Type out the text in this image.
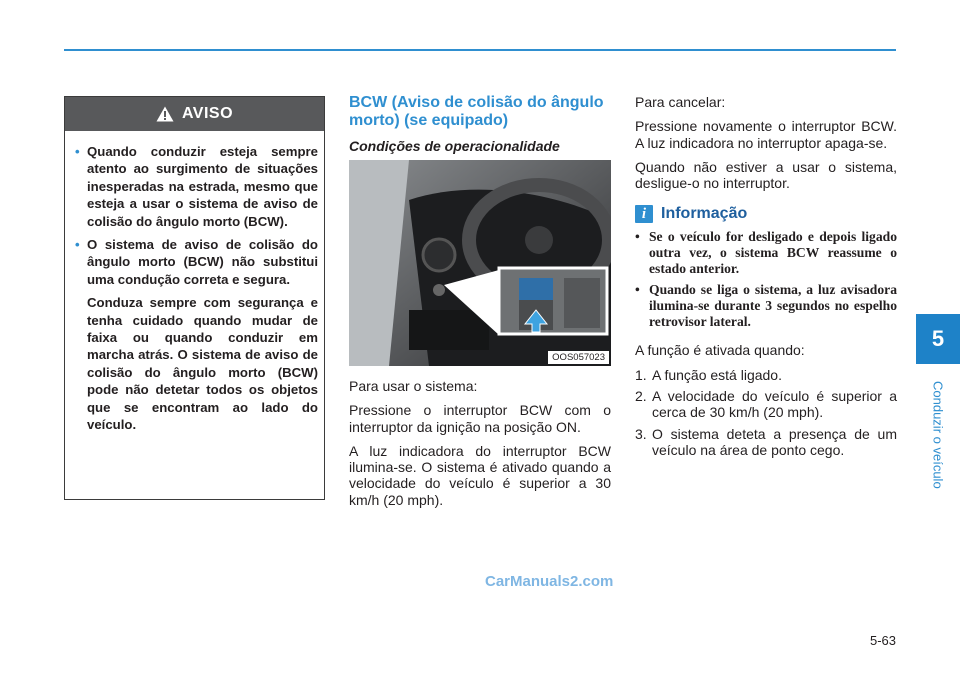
5
Conduzir o veículo
AVISO
• Quando conduzir esteja sempre atento ao surgimento de situações inesperadas na estrada, mesmo que esteja a usar o sistema de aviso de colisão do ângulo morto (BCW).

• O sistema de aviso de colisão do ângulo morto (BCW) não substitui uma condução correta e segura.

Conduza sempre com segurança e tenha cuidado quando mudar de faixa ou quando conduzir em marcha atrás. O sistema de aviso de colisão do ângulo morto (BCW) pode não detetar todos os objetos que se encontram ao lado do veículo.

BCW (Aviso de colisão do ângulo morto) (se equipado)
Condições de operacionalidade
OOS057023

Para usar o sistema:

Pressione o interruptor BCW com o interruptor da ignição na posição ON.

A luz indicadora do interruptor BCW ilumina-se. O sistema é ativado quando a velocidade do veículo é superior a 30 km/h (20 mph).

Para cancelar:

Pressione novamente o interruptor BCW. A luz indicadora no interruptor apaga-se.

Quando não estiver a usar o sistema, desligue-o no interruptor.

i Informação
• Se o veículo for desligado e depois ligado outra vez, o sistema BCW reassume o estado anterior.
• Quando se liga o sistema, a luz avisadora ilumina-se durante 3 segundos no espelho retrovisor lateral.

A função é ativada quando:

1. A função está ligado.
2. A velocidade do veículo é superior a cerca de 30 km/h (20 mph).
3. O sistema deteta a presença de um veículo na área de ponto cego.
CarManuals2.com
5-63
